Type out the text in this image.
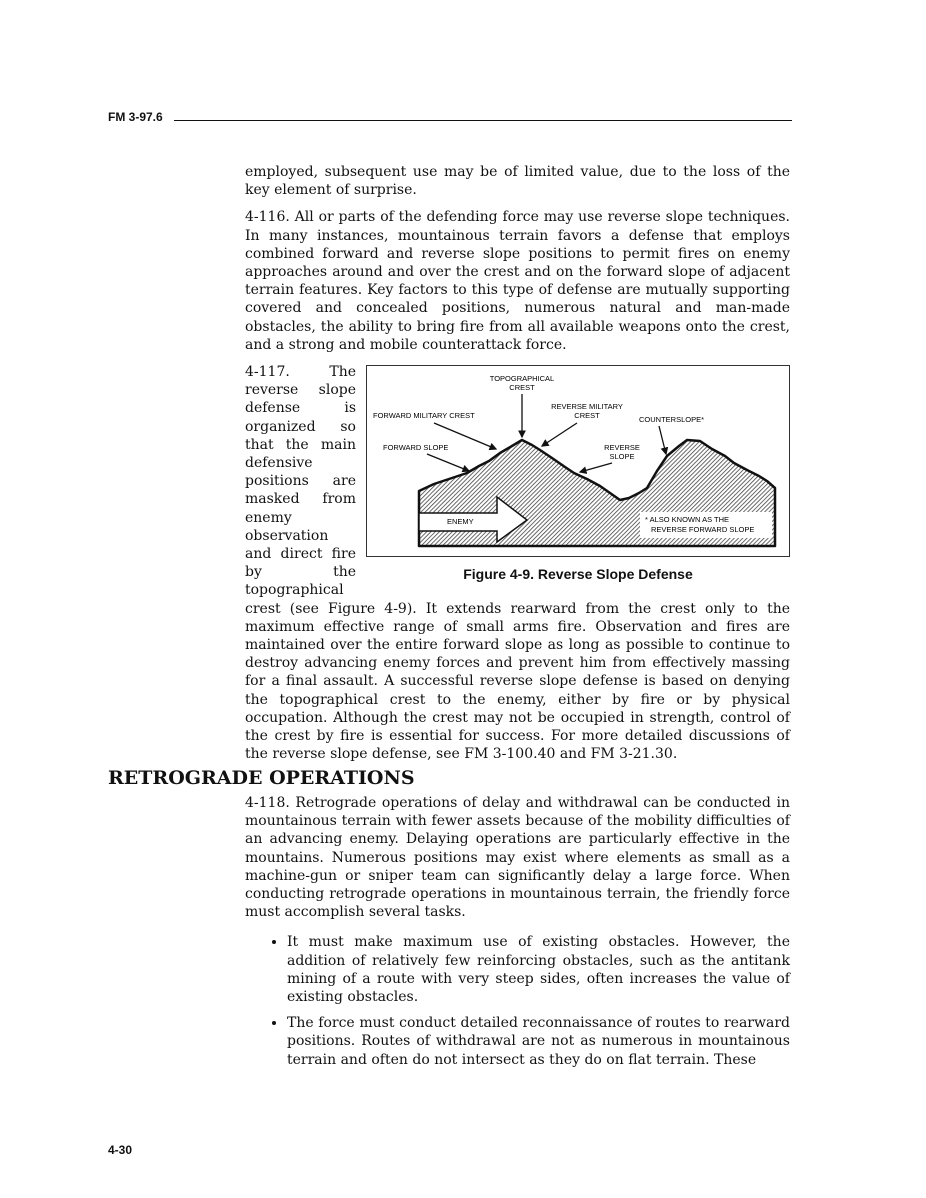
FM 3-97.6

employed, subsequent use may be of limited value, due to the loss of the key element of surprise.

4-116. All or parts of the defending force may use reverse slope techniques. In many instances, mountainous terrain favors a defense that employs combined forward and reverse slope positions to permit fires on enemy approaches around and over the crest and on the forward slope of adjacent terrain features. Key factors to this type of defense are mutually supporting covered and concealed positions, numerous natural and man-made obstacles, the ability to bring fire from all available weapons onto the crest, and a strong and mobile counterattack force.

ENEMY	* ALSO KNOWN AS THE
REVERSE FORWARD SLOPE
TOPOGRAPHICAL
CREST
FORWARD MILITARY CREST
REVERSE MILITARY
CREST	COUNTERSLOPE*
FORWARD SLOPE	REVERSE
SLOPE
Figure 4-9. Reverse Slope Defense

4-117. The reverse slope defense is organized so that the main defensive positions are masked from enemy observation and direct fire by the topographical crest (see Figure 4-9). It extends rearward from the crest only to the maximum effective range of small arms fire. Observation and fires are maintained over the entire forward slope as long as possible to continue to destroy advancing enemy forces and prevent him from effectively massing for a final assault. A successful reverse slope defense is based on denying the topographical crest to the enemy, either by fire or by physical occupation. Although the crest may not be occupied in strength, control of the crest by fire is essential for success. For more detailed discussions of the reverse slope defense, see FM 3-100.40 and FM 3-21.30.

RETROGRADE OPERATIONS

4-118. Retrograde operations of delay and withdrawal can be conducted in mountainous terrain with fewer assets because of the mobility difficulties of an advancing enemy. Delaying operations are particularly effective in the mountains. Numerous positions may exist where elements as small as a machine-gun or sniper team can significantly delay a large force. When conducting retrograde operations in mountainous terrain, the friendly force must accomplish several tasks.

• It must make maximum use of existing obstacles. However, the addition of relatively few reinforcing obstacles, such as the antitank mining of a route with very steep sides, often increases the value of existing obstacles.
• The force must conduct detailed reconnaissance of routes to rearward positions. Routes of withdrawal are not as numerous in mountainous terrain and often do not intersect as they do on flat terrain. These
4-30
